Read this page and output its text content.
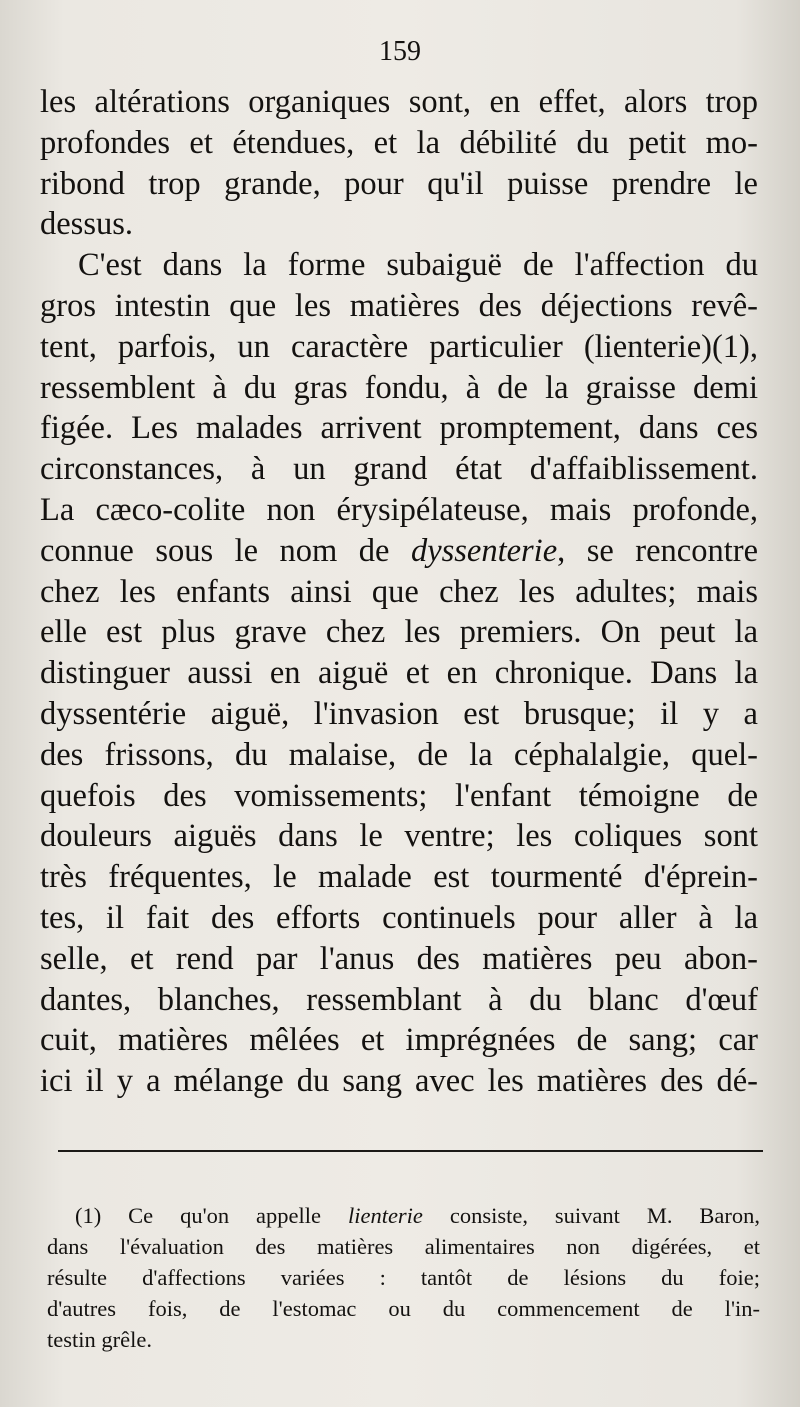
159
les altérations organiques sont, en effet, alors trop
profondes et étendues, et la débilité du petit mo-
ribond trop grande, pour qu'il puisse prendre le
dessus.
C'est dans la forme subaiguë de l'affection du
gros intestin que les matières des déjections revê-
tent, parfois, un caractère particulier (lienterie)(1),
ressemblent à du gras fondu, à de la graisse demi
figée. Les malades arrivent promptement, dans ces
circonstances, à un grand état d'affaiblissement.
La cæco-colite non érysipélateuse, mais profonde,
connue sous le nom de dyssenterie, se rencontre
chez les enfants ainsi que chez les adultes; mais
elle est plus grave chez les premiers. On peut la
distinguer aussi en aiguë et en chronique. Dans la
dyssentérie aiguë, l'invasion est brusque; il y a
des frissons, du malaise, de la céphalalgie, quel-
quefois des vomissements; l'enfant témoigne de
douleurs aiguës dans le ventre; les coliques sont
très fréquentes, le malade est tourmenté d'éprein-
tes, il fait des efforts continuels pour aller à la
selle, et rend par l'anus des matières peu abon-
dantes, blanches, ressemblant à du blanc d'œuf
cuit, matières mêlées et imprégnées de sang; car
ici il y a mélange du sang avec les matières des dé-
(1) Ce qu'on appelle lienterie consiste, suivant M. Baron,
dans l'évaluation des matières alimentaires non digérées, et
résulte d'affections variées : tantôt de lésions du foie;
d'autres fois, de l'estomac ou du commencement de l'in-
testin grêle.
